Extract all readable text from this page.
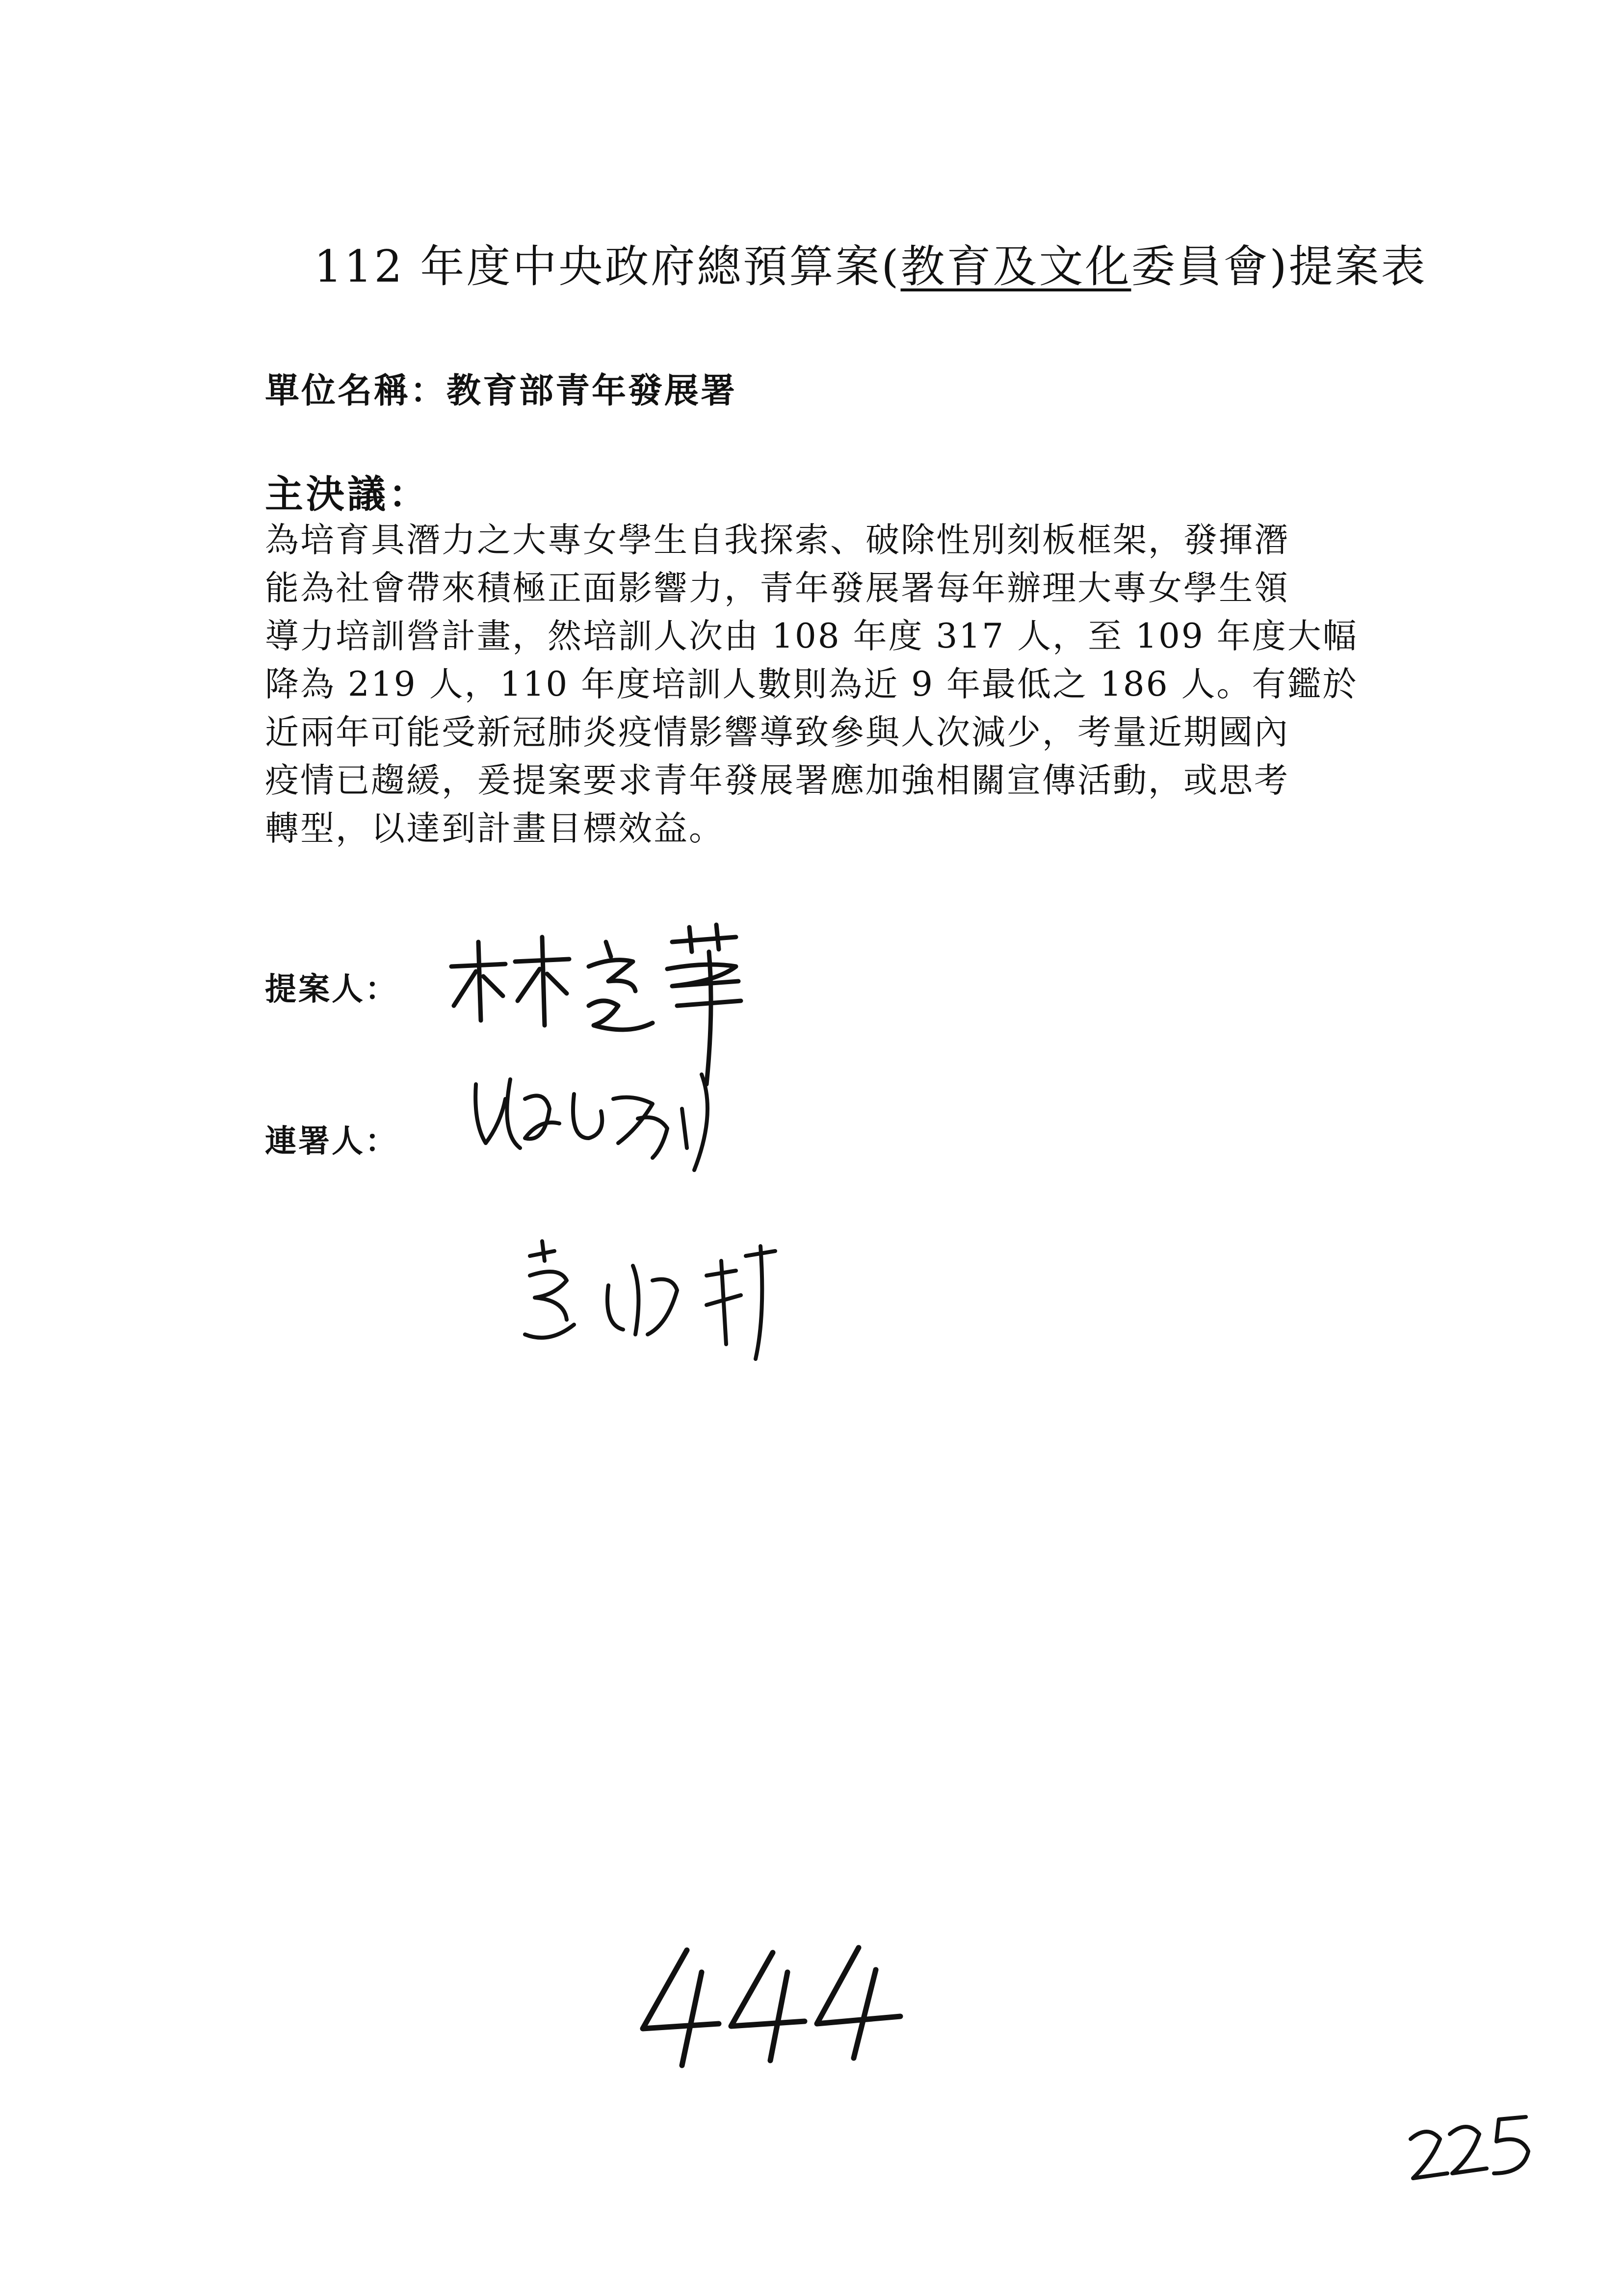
112 年度中央政府總預算案(教育及文化委員會)提案表
單位名稱：教育部青年發展署
主決議：
為培育具潛力之大專女學生自我探索、破除性別刻板框架，發揮潛
能為社會帶來積極正面影響力，青年發展署每年辦理大專女學生領
導力培訓營計畫，然培訓人次由 108 年度 317 人，至 109 年度大幅
降為 219 人，110 年度培訓人數則為近 9 年最低之 186 人。有鑑於
近兩年可能受新冠肺炎疫情影響導致參與人次減少，考量近期國內
疫情已趨緩，爰提案要求青年發展署應加強相關宣傳活動，或思考
轉型，以達到計畫目標效益。
提案人：
連署人：
